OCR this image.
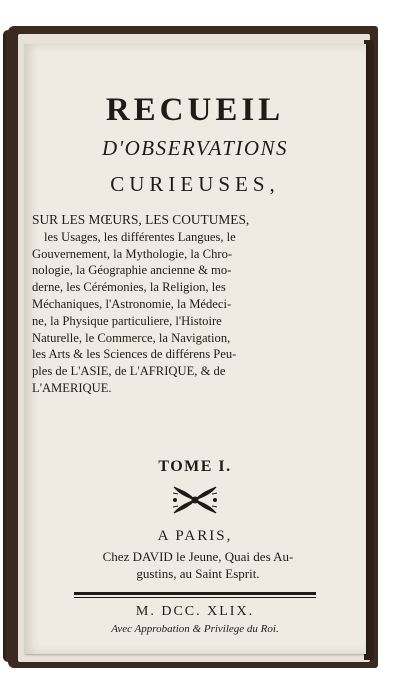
RECUEIL
D'OBSERVATIONS
CURIEUSES,
SUR LES MŒURS, LES COUTUMES,
les Usages, les différentes Langues, le
Gouvernement, la Mythologie, la Chro-
nologie, la Géographie ancienne & mo-
derne, les Cérémonies, la Religion, les
Méchaniques, l'Astronomie, la Médeci-
ne, la Physique particuliere, l'Histoire
Naturelle, le Commerce, la Navigation,
les Arts & les Sciences de différens Peu-
ples de L'ASIE, de L'AFRIQUE, & de
L'AMERIQUE.
TOME I.
A PARIS,
Chez DAVID le Jeune, Quai des Au-
gustins, au Saint Esprit.
M. DCC. XLIX.
Avec Approbation & Privilege du Roi.
